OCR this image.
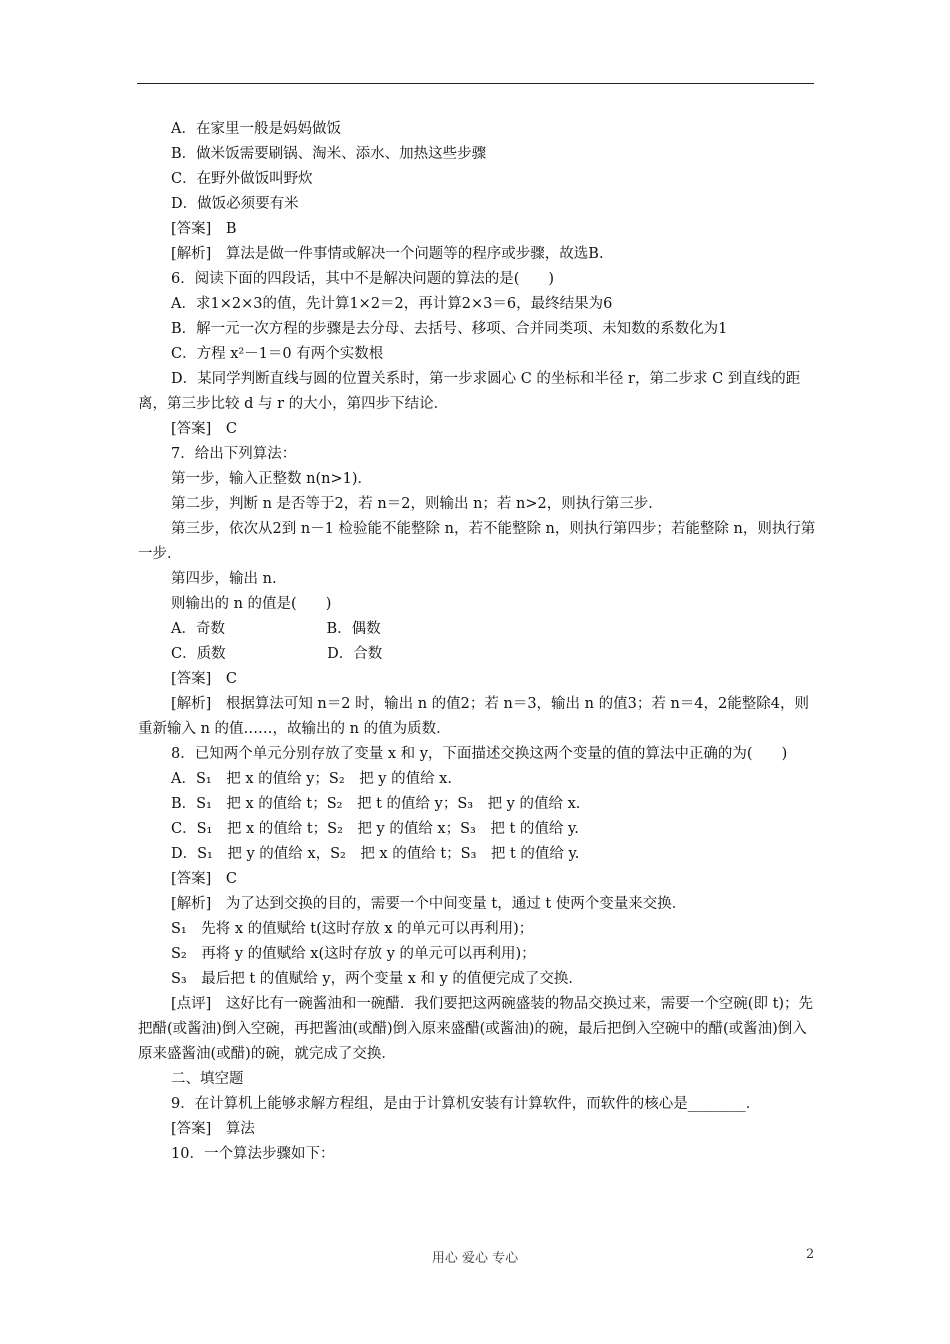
A．在家里一般是妈妈做饭
B．做米饭需要刷锅、淘米、添水、加热这些步骤
C．在野外做饭叫野炊
D．做饭必须要有米
[答案]　B
[解析]　算法是做一件事情或解决一个问题等的程序或步骤，故选B.
6．阅读下面的四段话，其中不是解决问题的算法的是(　　)
A．求1×2×3的值，先计算1×2＝2，再计算2×3＝6，最终结果为6
B．解一元一次方程的步骤是去分母、去括号、移项、合并同类项、未知数的系数化为1
C．方程 x²－1＝0 有两个实数根
D．某同学判断直线与圆的位置关系时，第一步求圆心 C 的坐标和半径 r，第二步求 C 到直线的距离，第三步比较 d 与 r 的大小，第四步下结论．
[答案]　C
7．给出下列算法：
第一步，输入正整数 n(n>1)．
第二步，判断 n 是否等于2，若 n＝2，则输出 n；若 n>2，则执行第三步．
第三步，依次从2到 n－1 检验能不能整除 n，若不能整除 n，则执行第四步；若能整除 n，则执行第一步．
第四步，输出 n.
则输出的 n 的值是(　　)
A．奇数　　　　　　　B．偶数
C．质数　　　　　　　D．合数
[答案]　C
[解析]　根据算法可知 n＝2 时，输出 n 的值2；若 n＝3，输出 n 的值3；若 n＝4，2能整除4，则重新输入 n 的值……，故输出的 n 的值为质数．
8．已知两个单元分别存放了变量 x 和 y，下面描述交换这两个变量的值的算法中正确的为(　　)
A．S₁　把 x 的值给 y；S₂　把 y 的值给 x.
B．S₁　把 x 的值给 t；S₂　把 t 的值给 y；S₃　把 y 的值给 x.
C．S₁　把 x 的值给 t；S₂　把 y 的值给 x；S₃　把 t 的值给 y.
D．S₁　把 y 的值给 x，S₂　把 x 的值给 t；S₃　把 t 的值给 y.
[答案]　C
[解析]　为了达到交换的目的，需要一个中间变量 t，通过 t 使两个变量来交换．
S₁　先将 x 的值赋给 t(这时存放 x 的单元可以再利用)；
S₂　再将 y 的值赋给 x(这时存放 y 的单元可以再利用)；
S₃　最后把 t 的值赋给 y，两个变量 x 和 y 的值便完成了交换．
[点评]　这好比有一碗酱油和一碗醋．我们要把这两碗盛装的物品交换过来，需要一个空碗(即 t)；先把醋(或酱油)倒入空碗，再把酱油(或醋)倒入原来盛醋(或酱油)的碗，最后把倒入空碗中的醋(或酱油)倒入原来盛酱油(或醋)的碗，就完成了交换．
二、填空题
9．在计算机上能够求解方程组，是由于计算机安装有计算软件，而软件的核心是________．
[答案]　算法
10．一个算法步骤如下：
用心 爱心 专心	2
